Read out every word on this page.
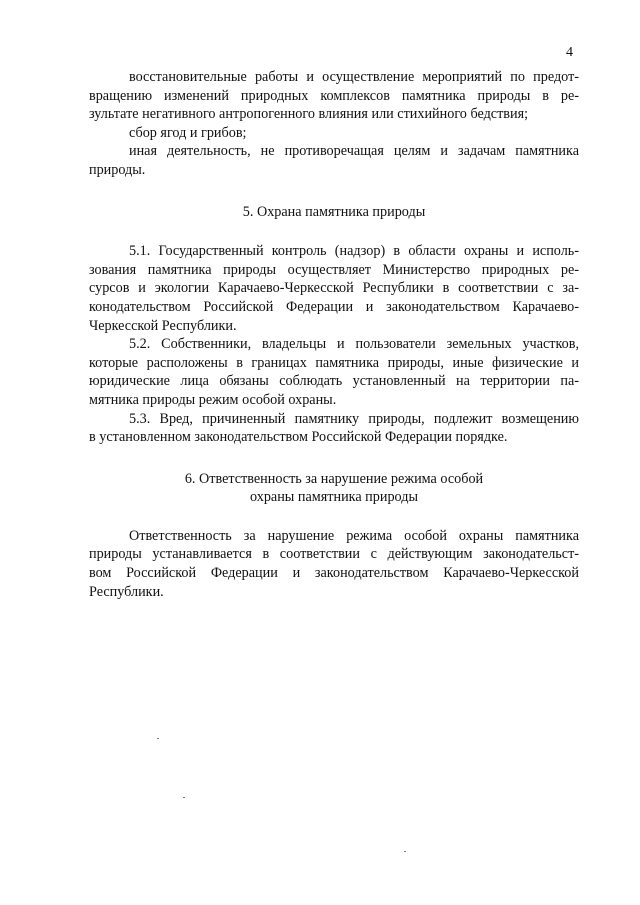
4
восстановительные работы и осуществление мероприятий по предот-
вращению изменений природных комплексов памятника природы в ре-
зультате негативного антропогенного влияния или стихийного бедствия;
сбор ягод и грибов;
иная деятельность, не противоречащая целям и задачам памятника
природы.
5. Охрана памятника природы
5.1. Государственный контроль (надзор) в области охраны и исполь-
зования памятника природы осуществляет Министерство природных ре-
сурсов и экологии Карачаево-Черкесской Республики в соответствии с за-
конодательством Российской Федерации и законодательством Карачаево-
Черкесской Республики.
5.2. Собственники, владельцы и пользователи земельных участков,
которые расположены в границах памятника природы, иные физические и
юридические лица обязаны соблюдать установленный на территории па-
мятника природы режим особой охраны.
5.3. Вред, причиненный памятнику природы, подлежит возмещению
в установленном законодательством Российской Федерации порядке.
6. Ответственность за нарушение режима особой
охраны памятника природы
Ответственность за нарушение режима особой охраны памятника
природы устанавливается в соответствии с действующим законодательст-
вом Российской Федерации и законодательством Карачаево-Черкесской
Республики.
